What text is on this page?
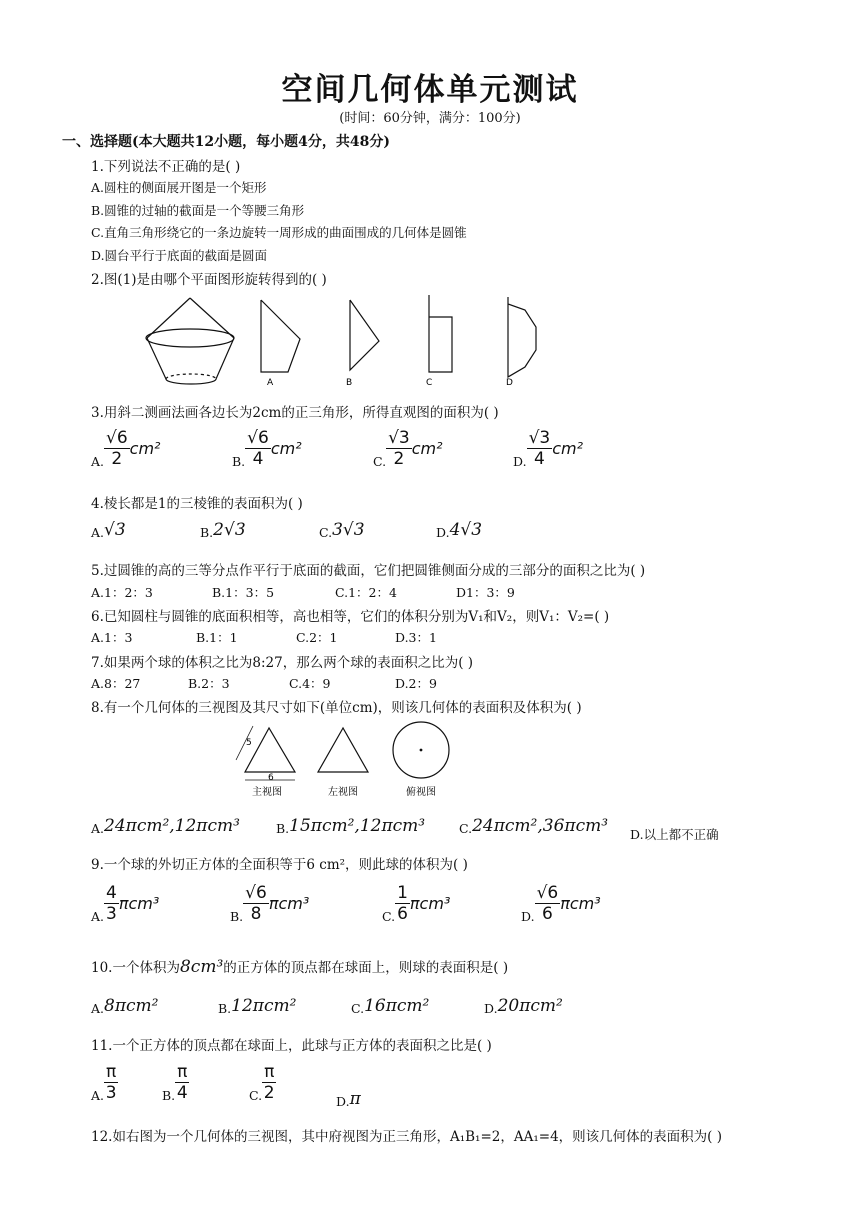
空间几何体单元测试
(时间：60分钟，满分：100分)
一、选择题(本大题共12小题，每小题4分，共48分)
1.下列说法不正确的是( )
A.圆柱的侧面展开图是一个矩形
B.圆锥的过轴的截面是一个等腰三角形
C.直角三角形绕它的一条边旋转一周形成的曲面围成的几何体是圆锥
D.圆台平行于底面的截面是圆面
2.图(1)是由哪个平面图形旋转得到的( )
A	B	C	D
3.用斜二测画法画各边长为2cm的正三角形，所得直观图的面积为( )
A. $\frac{√6}{2} cm^2$
B. $\frac{√6}{4} cm^2$
C. $\frac{√3}{2} cm^2$
D. $\frac{√3}{4} cm^2$
4.棱长都是1的三棱锥的表面积为( )
A.√3	B.2√3	C.3√3	D.4√3
5.过圆锥的高的三等分点作平行于底面的截面，它们把圆锥侧面分成的三部分的面积之比为( )
A.1：2：3	B.1：3：5	C.1：2：4	D1：3：9
6.已知圆柱与圆锥的底面积相等，高也相等，它们的体积分别为V₁和V₂，则V₁：V₂=( )
A.1：3	B.1：1	C.2：1	D.3：1
7.如果两个球的体积之比为8:27，那么两个球的表面积之比为( )
A.8：27	B.2：3	C.4：9	D.2：9
8.有一个几何体的三视图及其尺寸如下(单位cm)，则该几何体的表面积及体积为( )
5
6
主视图	左视图	俯视图
A.24πcm²,12πcm³	B.15πcm²,12πcm³	C.24πcm²,36πcm³ D.以上都不正确
9.一个球的外切正方体的全面积等于6 cm²，则此球的体积为( )
A. $\frac{4}{3} \pi cm^3$
B. $\frac{√6}{8} \pi cm^3$
C. $\frac{1}{6} \pi cm^3$
D. $\frac{√6}{6} \pi cm^3$
10.一个体积为8cm³的正方体的顶点都在球面上，则球的表面积是( )
A.8πcm²	B.12πcm²	C.16πcm²	D.20πcm²
11.一个正方体的顶点都在球面上，此球与正方体的表面积之比是( )
A. $\frac{\pi}{3}$	B. $\frac{\pi}{4}$	C. $\frac{\pi}{2}$	D.π
12.如右图为一个几何体的三视图，其中府视图为正三角形，A₁B₁=2，AA₁=4，则该几何体的表面积为( )
